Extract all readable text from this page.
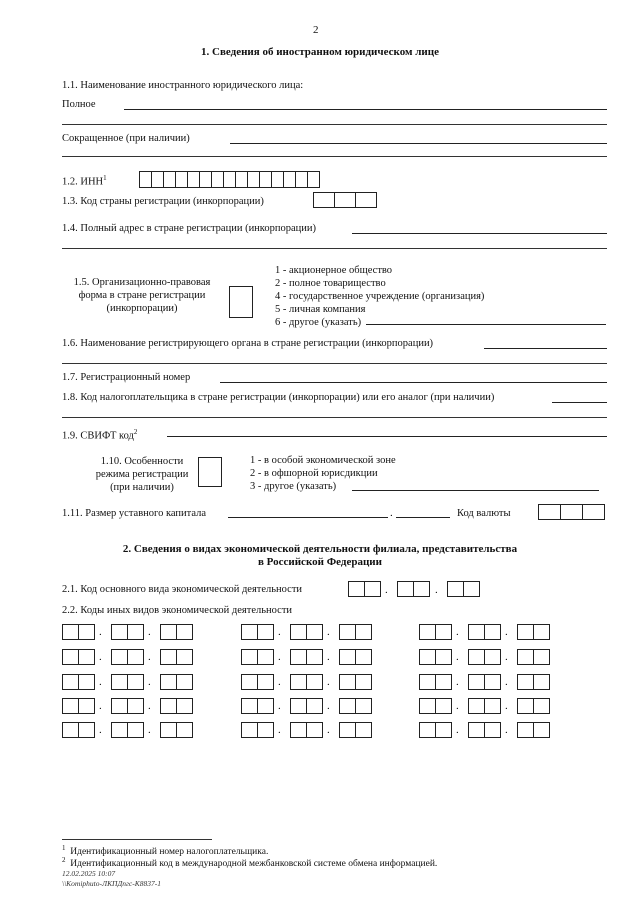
2
1. Сведения об иностранном юридическом лице
1.1. Наименование иностранного юридического лица:
Полное
Сокращенное (при наличии)
1.2. ИНН$^1$
1.3. Код страны регистрации (инкорпорации)
1.4. Полный адрес в стране регистрации (инкорпорации)
1.5. Организационно-правовая
форма в стране регистрации
(инкорпорации)
1 - акционерное общество
2 - полное товарищество
4 - государственное учреждение (организация)
5 - личная компания
6 - другое (указать)
1.6. Наименование регистрирующего органа в стране регистрации (инкорпорации)
1.7. Регистрационный номер
1.8. Код налогоплательщика в стране регистрации (инкорпорации) или его аналог (при наличии)
1.9. СВИФТ код$^2$
1.10. Особенности
режима регистрации
(при наличии)
1 - в особой экономической зоне
2 - в офшорной юрисдикции
3 - другое (указать)
1.11. Размер уставного капитала	.	Код валюты
2. Сведения о видах экономической деятельности филиала, представительства
в Российской Федерации
2.1. Код основного вида экономической деятельности	.	.
2.2. Коды иных видов экономической деятельности
.	.	.	.	.	.
.	.	.	.	.	.
.	.	.	.	.	.
.	.	.	.	.	.
.	.	.	.	.	.
$^1$ Идентификационный номер налогоплательщика.
$^2$ Идентификационный код в международной межбанковской системе обмена информацией.
12.02.2025 10:07
\\Komiphuto-ЛКПДпгс-К8837-1
